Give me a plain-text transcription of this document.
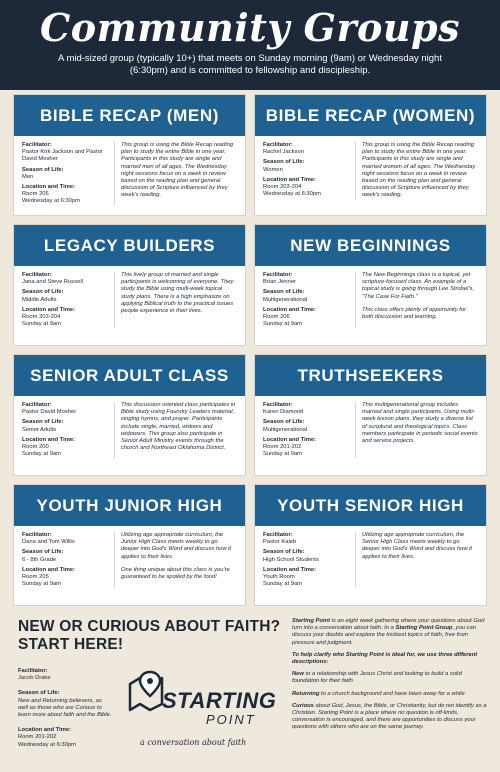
Community Groups

A mid-sized group (typically 10+) that meets on Sunday morning (9am) or Wednesday night (6:30pm) and is committed to fellowship and discipleship.

BIBLE RECAP (MEN)
Facilitator:
Pastor Kirk Jackson and Pastor David Mosher
Season of Life:
Men
Location and Time:
Room 206
Wednesday at 6:30pm
This group is using the Bible Recap reading plan to study the entire Bible in one year. Participants in this study are single and married men of all ages. The Wednesday night sessions focus on a week in review based on the reading plan and general discussion of Scripture influenced by they week's reading.
BIBLE RECAP (WOMEN)
Facilitator:
Rachel Jackson
Season of Life:
Women
Location and Time:
Room 203-204
Wednesday at 6:30pm
This group is using the Bible Recap reading plan to study the entire Bible in one year. Participants in this study are single and married women of all ages. The Wednesday night sessions focus on a week in review based on the reading plan and general discussion of Scripture influenced by they week's reading.
LEGACY BUILDERS
Facilitator:
Jana and Steve Russell
Season of Life:
Middle Adults
Location and Time:
Room 203-204
Sunday at 9am
This lively group of married and single participants is welcoming of everyone. They study the Bible using multi-week topical study plans. There is a high emphasize on applying Biblical truth to the practical issues people experience in their lives.
NEW BEGINNINGS
Facilitator:
Brian Jenner
Season of Life:
Multigenerational
Location and Time:
Room 206
Sunday at 9am
The New Beginnings class is a topical, yet scripture-focused class. An example of a topical study is going through Lee Strobel's, "The Case For Faith."
This class offers plenty of opportunity for both discussion and learning.
SENIOR ADULT CLASS
Facilitator:
Pastor David Mosher
Season of Life:
Senior Adults
Location and Time:
Room 200
Sunday at 9am
This discussion oriented class participates in Bible study using Foundry Leaders material, singing hymns, and prayer. Participants include single, married, widows and widowers. This group also participate in Senior Adult Ministry events through the church and Northeast Oklahoma District.
TRUTHSEEKERS
Facilitator:
Karen Diamond
Season of Life:
Multigenerational
Location and Time:
Room 201-202
Sunday at 9am
This multigenerational group includes married and single participants. Using multi-week lesson plans, they study a diverse list of scriptural and theological topics. Class members participate in periodic social events and service projects.
YOUTH JUNIOR HIGH
Facilitator:
Dana and Tom Willis
Season of Life:
6 - 8th Grade
Location and Time:
Room 205
Sunday at 9am
Utilizing age appropriate curriculum, the Junior High Class meets weekly to go deeper into God's Word and discuss how it applies to their lives.
One thing unique about this class is you're guaranteed to be spoiled by the food!
YOUTH SENIOR HIGH
Facilitator:
Pastor Kaleb
Season of Life:
High School Students
Location and Time:
Youth Room
Sunday at 9am
Utilizing age appropriate curriculum, the Senior High Class meets weekly to go deeper into God's Word and discuss how it applies to their lives.
NEW OR CURIOUS ABOUT FAITH?
START HERE!
Facilitator:
Jacob Drake
Season of Life:
New and Returning believers, as well as those who are Curious to learn more about faith and the Bible.
Location and Time:
Room 201-202
Wednesday at 6:30pm
STARTING
POINT
a conversation about faith

Starting Point is an eight week gathering where your questions about God turn into a conversation about faith. In a Starting Point Group, you can discuss your doubts and explore the trickiest topics of faith, free from pressure and judgment.

To help clarify who Starting Point is ideal for, we use three different descriptions:

New to a relationship with Jesus Christ and looking to build a solid foundation for their faith

Returning to a church background and have been away for a while

Curious about God, Jesus, the Bible, or Christianity, but do not identify as a Christian. Starting Point is a place where no question is off-limits, conversation is encouraged, and there are opportunities to discuss your questions with others who are on the same journey.
